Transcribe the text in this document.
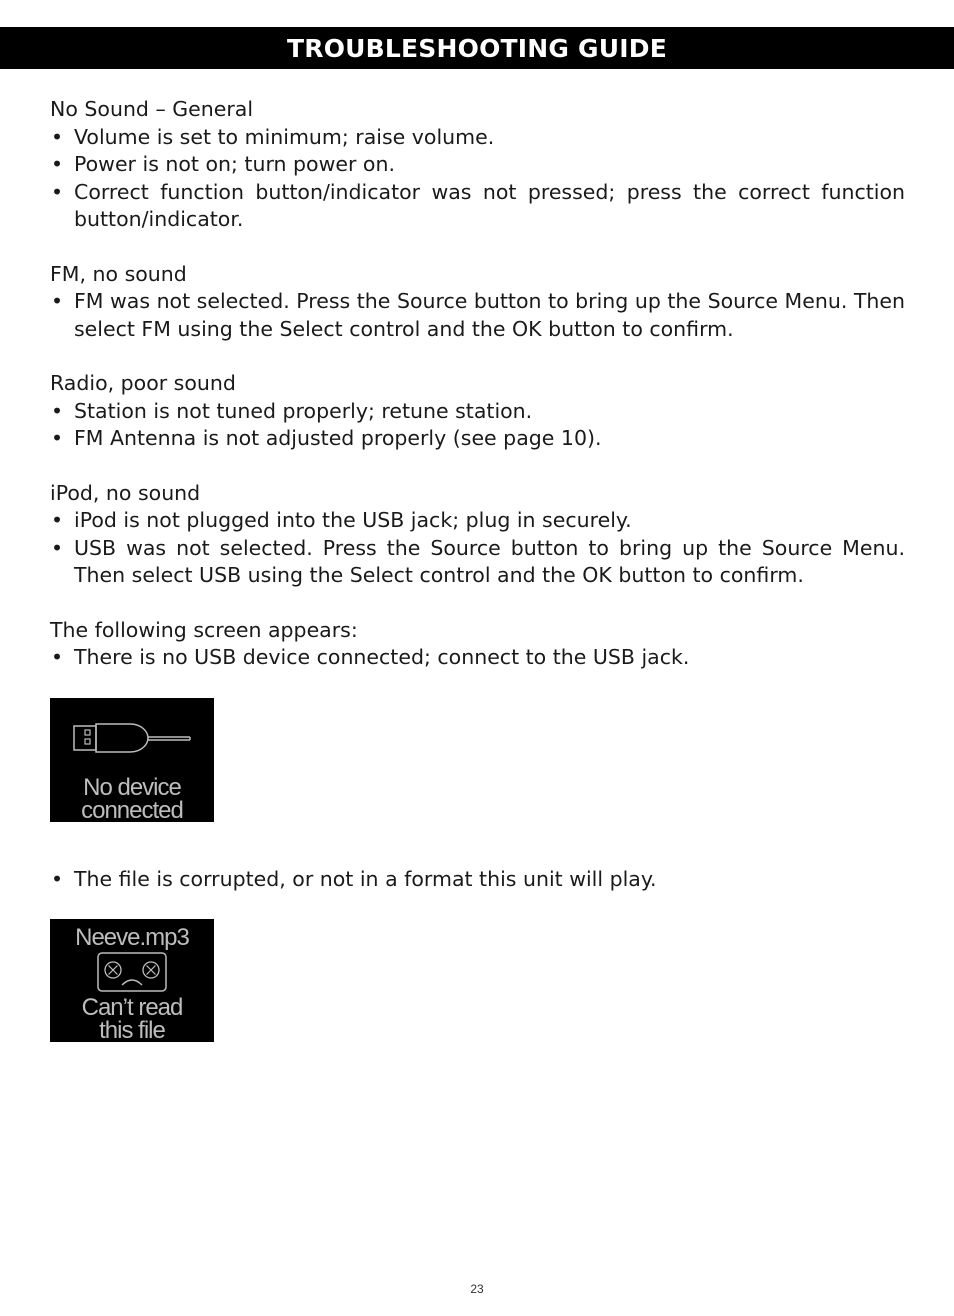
TROUBLESHOOTING GUIDE

No Sound – General

• Volume is set to minimum; raise volume.
• Power is not on; turn power on.
• Correct function button/indicator was not pressed; press the correct function button/indicator.

FM, no sound

• FM was not selected. Press the Source button to bring up the Source Menu. Then select FM using the Select control and the OK button to confirm.

Radio, poor sound

• Station is not tuned properly; retune station.
• FM Antenna is not adjusted properly (see page 10).

iPod, no sound

• iPod is not plugged into the USB jack; plug in securely.
• USB was not selected. Press the Source button to bring up the Source Menu. Then select USB using the Select control and the OK button to confirm.

The following screen appears:

• There is no USB device connected; connect to the USB jack.
No device
connected
• The file is corrupted, or not in a format this unit will play.
Neeve.mp3
Can’t read
this file
23
